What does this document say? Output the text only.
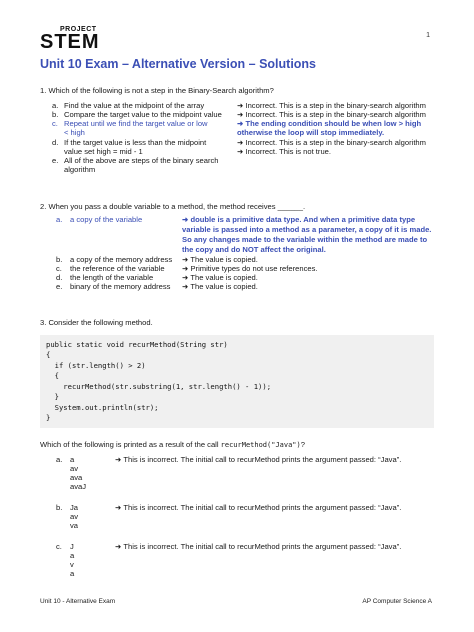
PROJECT
STEM	1
Unit 10 Exam – Alternative Version – Solutions
1. Which of the following is not a step in the Binary-Search algorithm?
a. Find the value at the midpoint of the array	➜ Incorrect. This is a step in the binary-search algorithm
b. Compare the target value to the midpoint value ➜ Incorrect. This is a step in the binary-search algorithm
c. Repeat until we find the target value or low
< high
➜ The ending condition should be when low > high
otherwise the loop will stop immediately.
d. If the target value is less than the midpoint
value set high = mid - 1
➜ Incorrect. This is a step in the binary-search algorithm
e. All of the above are steps of the binary search
algorithm
➜ Incorrect. This is not true.
2. When you pass a double variable to a method, the method receives ______.
a.	a copy of the variable	➜ double is a primitive data type. And when a primitive data type
variable is passed into a method as a parameter, a copy of it is made.
So any changes made to the variable within the method are made to
the copy and do NOT affect the original.
b.	a copy of the memory address ➜ The value is copied.
c.	the reference of the variable ➜ Primitive types do not use references.
d.	the length of the variable	➜ The value is copied.
e.	binary of the memory address ➜ The value is copied.
3. Consider the following method.
public static void recurMethod(String str)
{
if (str.length() > 2)
{
recurMethod(str.substring(1, str.length() - 1));
}
System.out.println(str);
}
Which of the following is printed as a result of the call recurMethod("Java")?
a.	a
av
ava
avaJ
➜ This is incorrect. The initial call to recurMethod prints the argument passed: “Java”.
b.	Ja
av
va
➜ This is incorrect. The initial call to recurMethod prints the argument passed: “Java”.
c.	J
a
v
a
➜ This is incorrect. The initial call to recurMethod prints the argument passed: “Java”.
Unit 10 - Alternative Exam	AP Computer Science A
